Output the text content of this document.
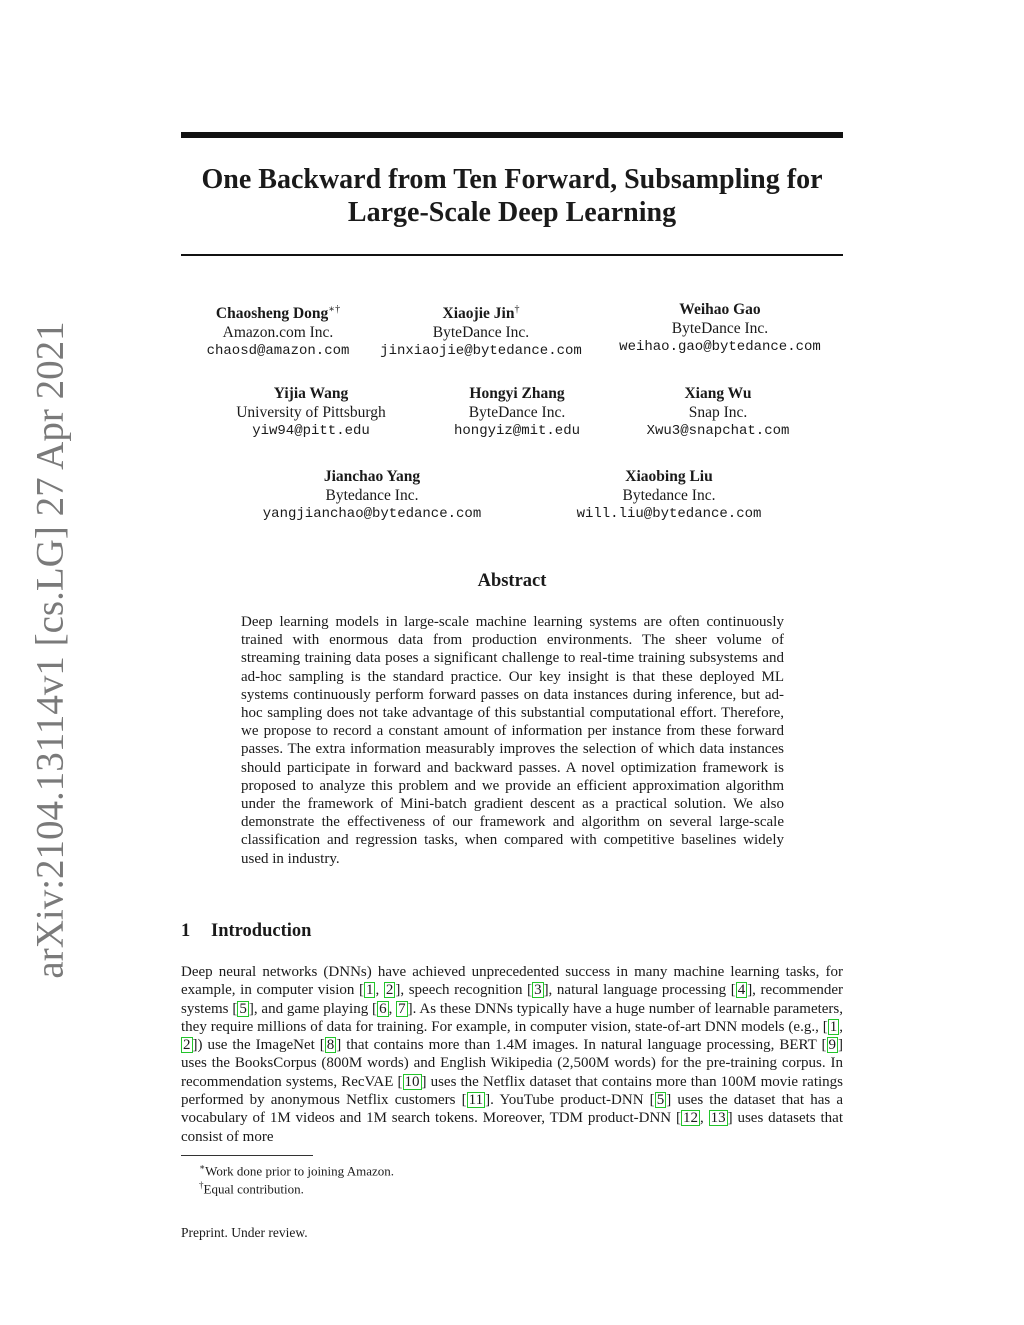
arXiv:2104.13114v1 [cs.LG] 27 Apr 2021
One Backward from Ten Forward, Subsampling for
Large-Scale Deep Learning
Chaosheng Dong∗†
Amazon.com Inc.
chaosd@amazon.com
Xiaojie Jin†
ByteDance Inc.
jinxiaojie@bytedance.com
Weihao Gao
ByteDance Inc.
weihao.gao@bytedance.com
Yijia Wang
University of Pittsburgh
yiw94@pitt.edu
Hongyi Zhang
ByteDance Inc.
hongyiz@mit.edu
Xiang Wu
Snap Inc.
Xwu3@snapchat.com
Jianchao Yang
Bytedance Inc.
yangjianchao@bytedance.com
Xiaobing Liu
Bytedance Inc.
will.liu@bytedance.com
Abstract
Deep learning models in large-scale machine learning systems are often continuously trained with enormous data from production environments. The sheer volume of streaming training data poses a significant challenge to real-time training subsystems and ad-hoc sampling is the standard practice. Our key insight is that these deployed ML systems continuously perform forward passes on data instances during inference, but ad-hoc sampling does not take advantage of this substantial computational effort. Therefore, we propose to record a constant amount of information per instance from these forward passes. The extra information measurably improves the selection of which data instances should participate in forward and backward passes. A novel optimization framework is proposed to analyze this problem and we provide an efficient approximation algorithm under the framework of Mini-batch gradient descent as a practical solution. We also demonstrate the effectiveness of our framework and algorithm on several large-scale classification and regression tasks, when compared with competitive baselines widely used in industry.
1 Introduction
Deep neural networks (DNNs) have achieved unprecedented success in many machine learning tasks, for example, in computer vision [ 1 , 2 ], speech recognition [ 3 ], natural language processing [ 4 ], recommender systems [ 5 ], and game playing [ 6 , 7 ]. As these DNNs typically have a huge number of learnable parameters, they require millions of data for training. For example, in computer vision, state-of-art DNN models (e.g., [ 1 , 2 ]) use the ImageNet [ 8 ] that contains more than 1.4M images. In natural language processing, BERT [ 9 ] uses the BooksCorpus (800M words) and English Wikipedia (2,500M words) for the pre-training corpus. In recommendation systems, RecVAE [ 10 ] uses the Netflix dataset that contains more than 100M movie ratings performed by anonymous Netflix customers [ 11 ]. YouTube product-DNN [ 5 ] uses the dataset that has a vocabulary of 1M videos and 1M search tokens. Moreover, TDM product-DNN [ 12 , 13 ] uses datasets that consist of more
∗Work done prior to joining Amazon.
†Equal contribution.
Preprint. Under review.
